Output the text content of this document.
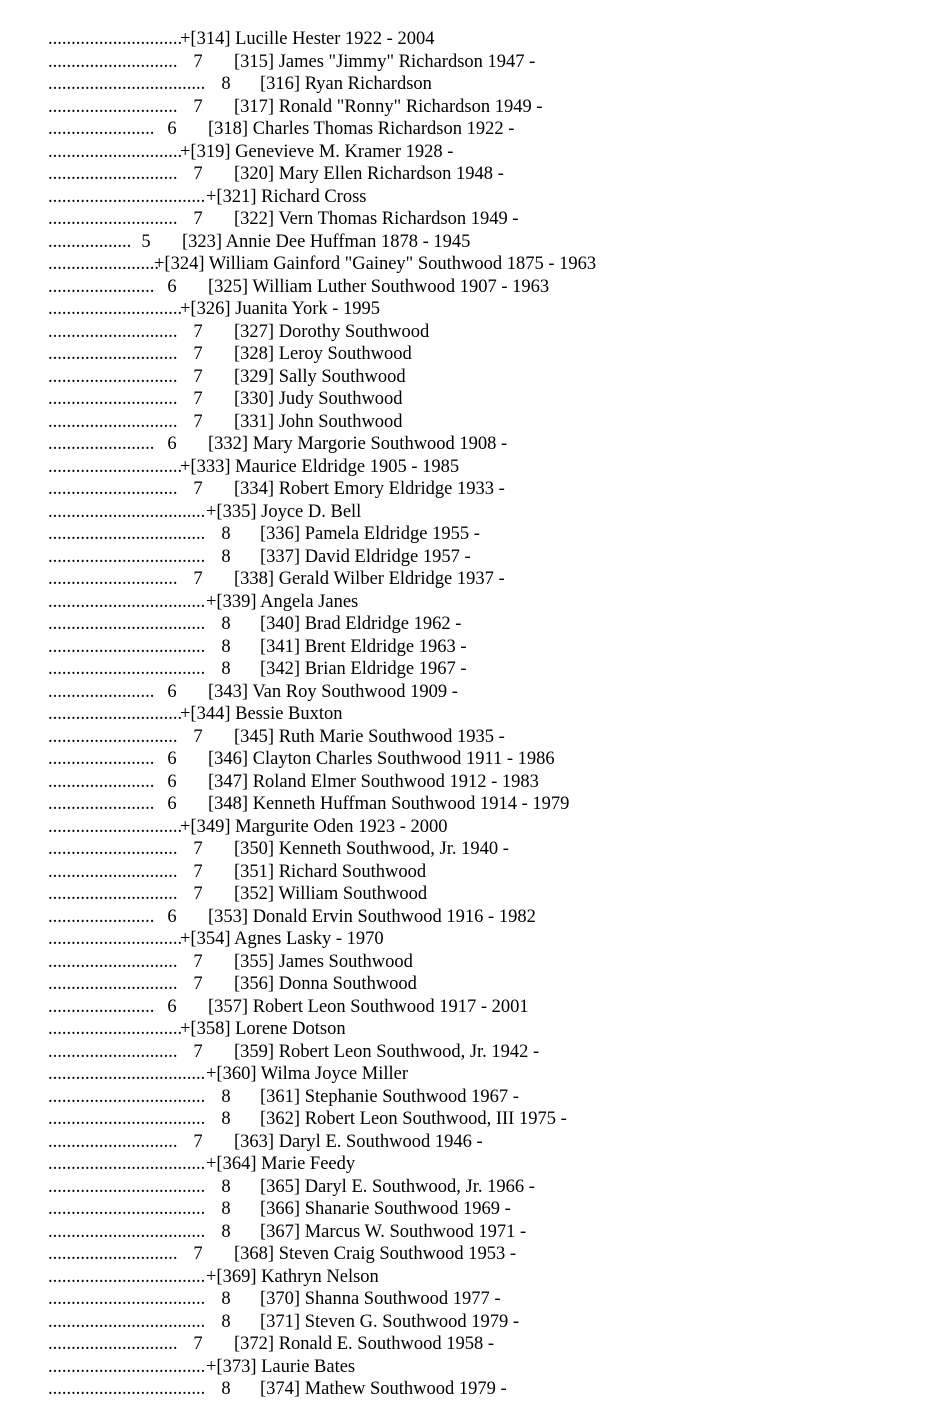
.............................
+[314] Lucille Hester 1922 - 2004
............................ 7 [315] James "Jimmy" Richardson 1947 -
.................................. 8 [316] Ryan Richardson
............................ 7 [317] Ronald "Ronny" Richardson 1949 -
....................... 6 [318] Charles Thomas Richardson 1922 -
.............................
+[319] Genevieve M. Kramer 1928 -
............................ 7 [320] Mary Ellen Richardson 1948 -
.................................. +[321] Richard Cross
............................ 7 [322] Vern Thomas Richardson 1949 -
.................. 5 [323] Annie Dee Huffman 1878 - 1945
........................
+[324] William Gainford "Gainey" Southwood 1875 - 1963
....................... 6 [325] William Luther Southwood 1907 - 1963
.............................
+[326] Juanita York - 1995
............................ 7 [327] Dorothy Southwood
............................ 7 [328] Leroy Southwood
............................ 7 [329] Sally Southwood
............................ 7 [330] Judy Southwood
............................ 7 [331] John Southwood
....................... 6 [332] Mary Margorie Southwood 1908 -
.............................
+[333] Maurice Eldridge 1905 - 1985
............................ 7 [334] Robert Emory Eldridge 1933 -
.................................. +[335] Joyce D. Bell
.................................. 8 [336] Pamela Eldridge 1955 -
.................................. 8 [337] David Eldridge 1957 -
............................ 7 [338] Gerald Wilber Eldridge 1937 -
.................................. +[339] Angela Janes
.................................. 8 [340] Brad Eldridge 1962 -
.................................. 8 [341] Brent Eldridge 1963 -
.................................. 8 [342] Brian Eldridge 1967 -
....................... 6 [343] Van Roy Southwood 1909 -
.............................
+[344] Bessie Buxton
............................ 7 [345] Ruth Marie Southwood 1935 -
....................... 6 [346] Clayton Charles Southwood 1911 - 1986
....................... 6 [347] Roland Elmer Southwood 1912 - 1983
....................... 6 [348] Kenneth Huffman Southwood 1914 - 1979
.............................
+[349] Margurite Oden 1923 - 2000
............................ 7 [350] Kenneth Southwood, Jr. 1940 -
............................ 7 [351] Richard Southwood
............................ 7 [352] William Southwood
....................... 6 [353] Donald Ervin Southwood 1916 - 1982
.............................
+[354] Agnes Lasky - 1970
............................ 7 [355] James Southwood
............................ 7 [356] Donna Southwood
....................... 6 [357] Robert Leon Southwood 1917 - 2001
.............................
+[358] Lorene Dotson
............................ 7 [359] Robert Leon Southwood, Jr. 1942 -
.................................. +[360] Wilma Joyce Miller
.................................. 8 [361] Stephanie Southwood 1967 -
.................................. 8 [362] Robert Leon Southwood, III 1975 -
............................ 7 [363] Daryl E. Southwood 1946 -
.................................. +[364] Marie Feedy
.................................. 8 [365] Daryl E. Southwood, Jr. 1966 -
.................................. 8 [366] Shanarie Southwood 1969 -
.................................. 8 [367] Marcus W. Southwood 1971 -
............................ 7 [368] Steven Craig Southwood 1953 -
.................................. +[369] Kathryn Nelson
.................................. 8 [370] Shanna Southwood 1977 -
.................................. 8 [371] Steven G. Southwood 1979 -
............................ 7 [372] Ronald E. Southwood 1958 -
.................................. +[373] Laurie Bates
.................................. 8 [374] Mathew Southwood 1979 -
